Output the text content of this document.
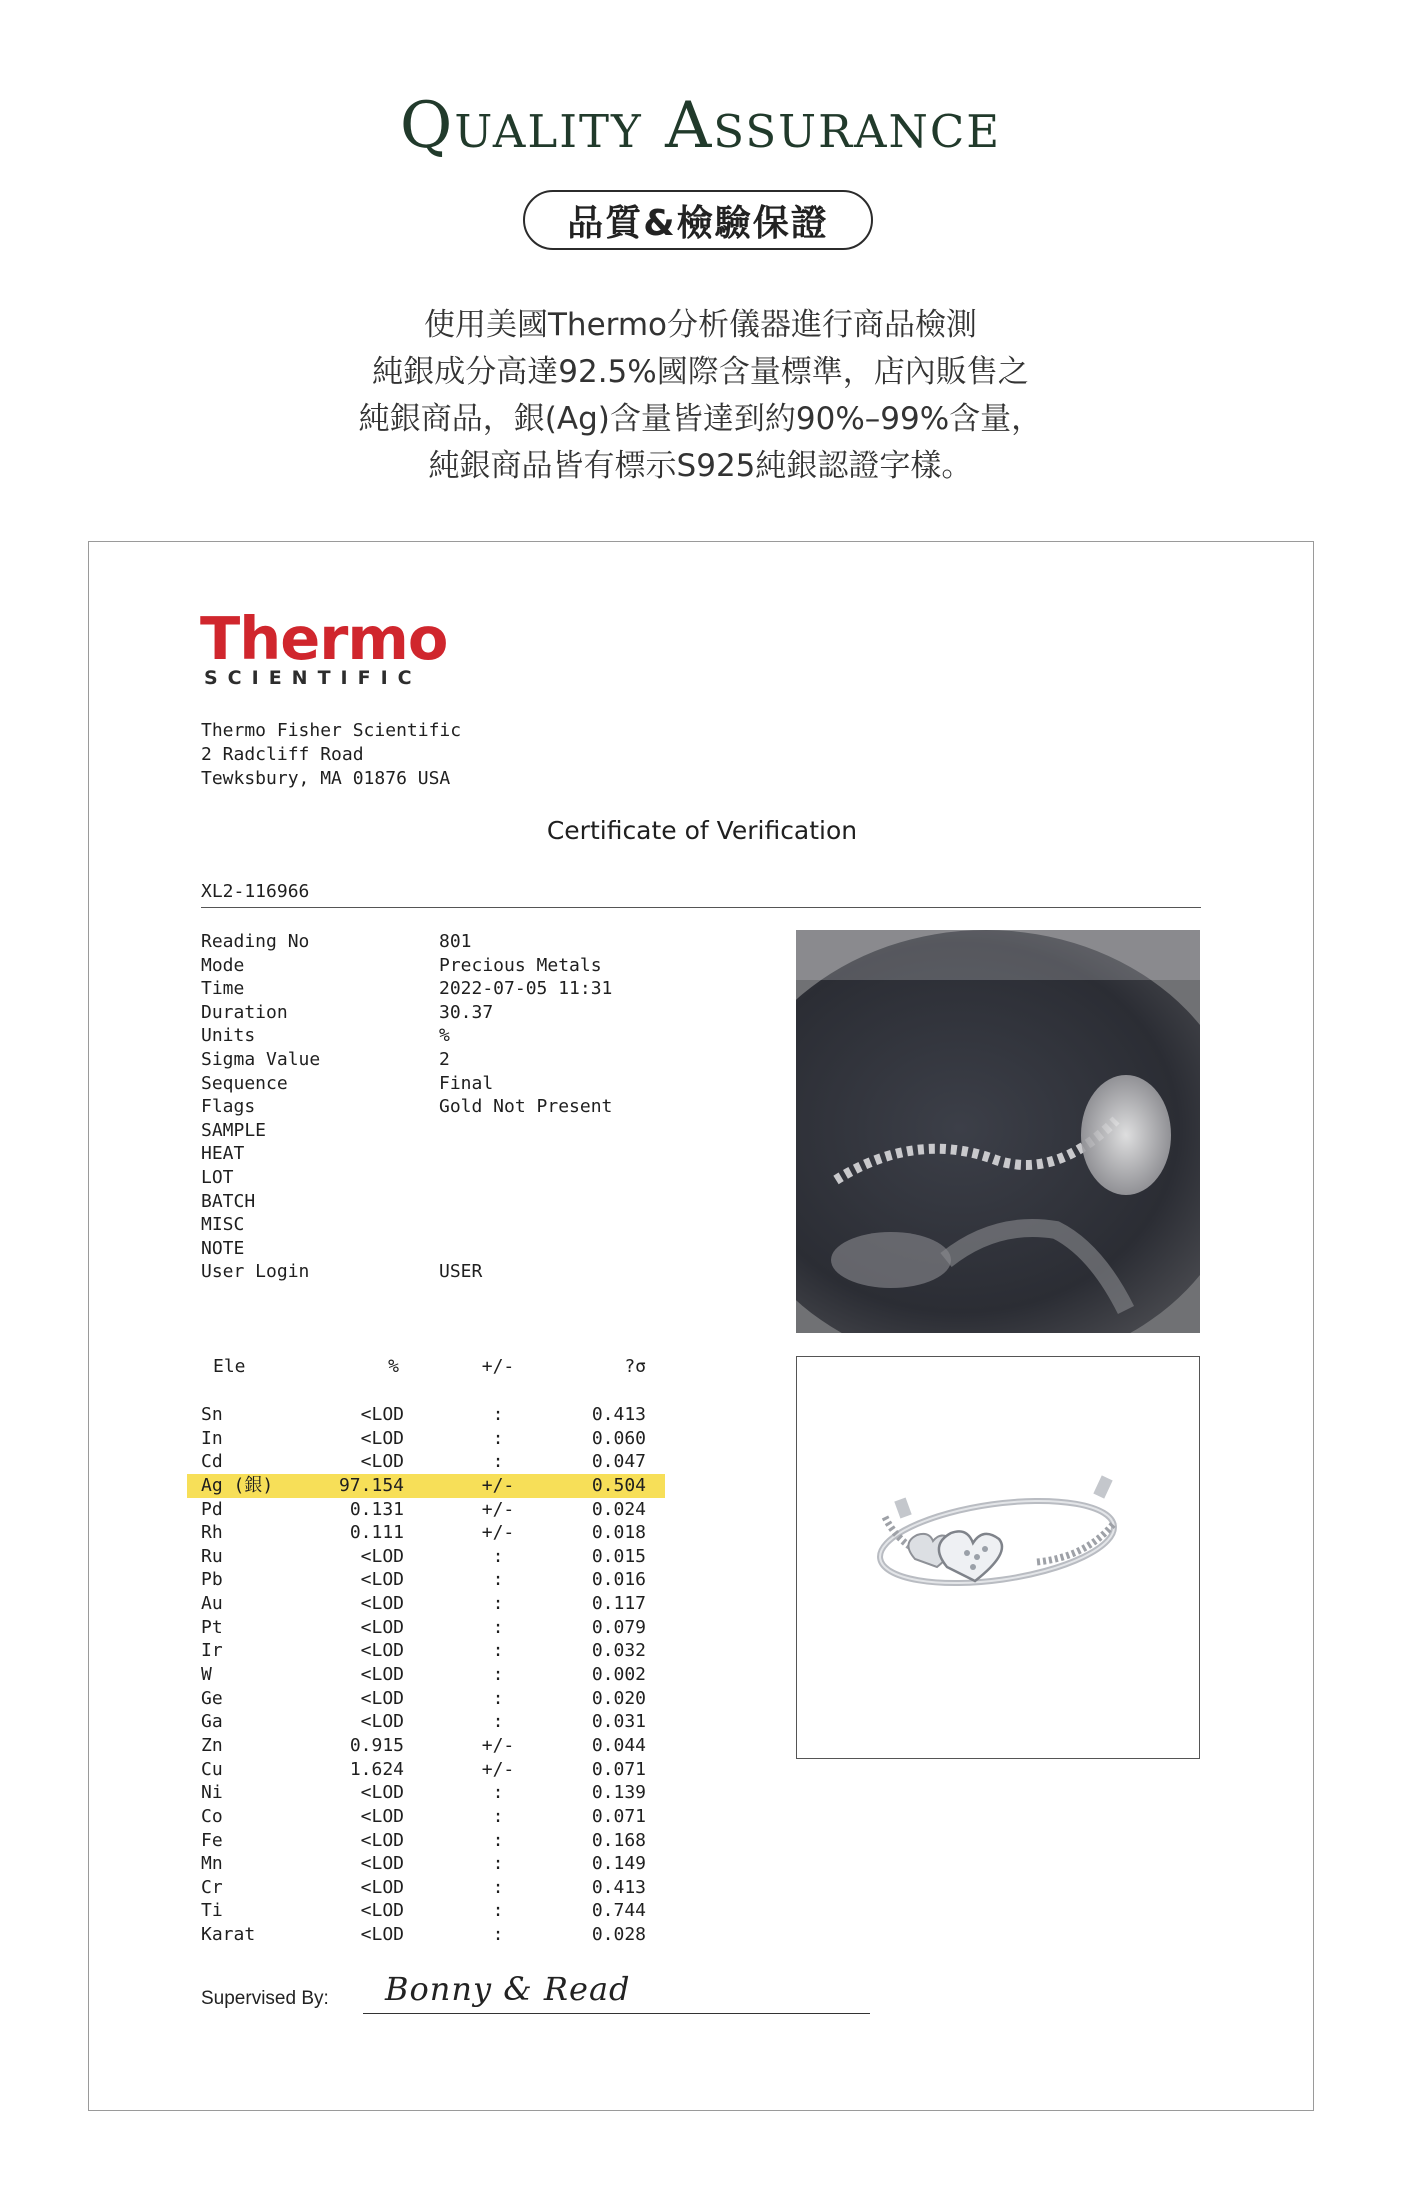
Quality Assurance
品質&檢驗保證
使用美國Thermo分析儀器進行商品檢測
純銀成分高達92.5%國際含量標準，店內販售之
純銀商品，銀(Ag)含量皆達到約90%–99%含量，
純銀商品皆有標示S925純銀認證字樣。
Thermo
SCIENTIFIC
Thermo Fisher Scientific
2 Radcliff Road
Tewksbury, MA 01876 USA
Certificate of Verification
XL2-116966
Reading No	801
Mode	Precious Metals
Time	2022-07-05 11:31
Duration	30.37
Units	%
Sigma Value	2
Sequence	Final
Flags	Gold Not Present
SAMPLE
HEAT
LOT
BATCH
MISC
NOTE
User Login	USER
Ele	%	+/-	?σ
Sn	<LOD	:	0.413
In	<LOD	:	0.060
Cd	<LOD	:	0.047
Ag (銀)	97.154	+/-	0.504
Pd	0.131	+/-	0.024
Rh	0.111	+/-	0.018
Ru	<LOD	:	0.015
Pb	<LOD	:	0.016
Au	<LOD	:	0.117
Pt	<LOD	:	0.079
Ir	<LOD	:	0.032
W	<LOD	:	0.002
Ge	<LOD	:	0.020
Ga	<LOD	:	0.031
Zn	0.915	+/-	0.044
Cu	1.624	+/-	0.071
Ni	<LOD	:	0.139
Co	<LOD	:	0.071
Fe	<LOD	:	0.168
Mn	<LOD	:	0.149
Cr	<LOD	:	0.413
Ti	<LOD	:	0.744
Karat	<LOD	:	0.028
Supervised By: Bonny & Read
